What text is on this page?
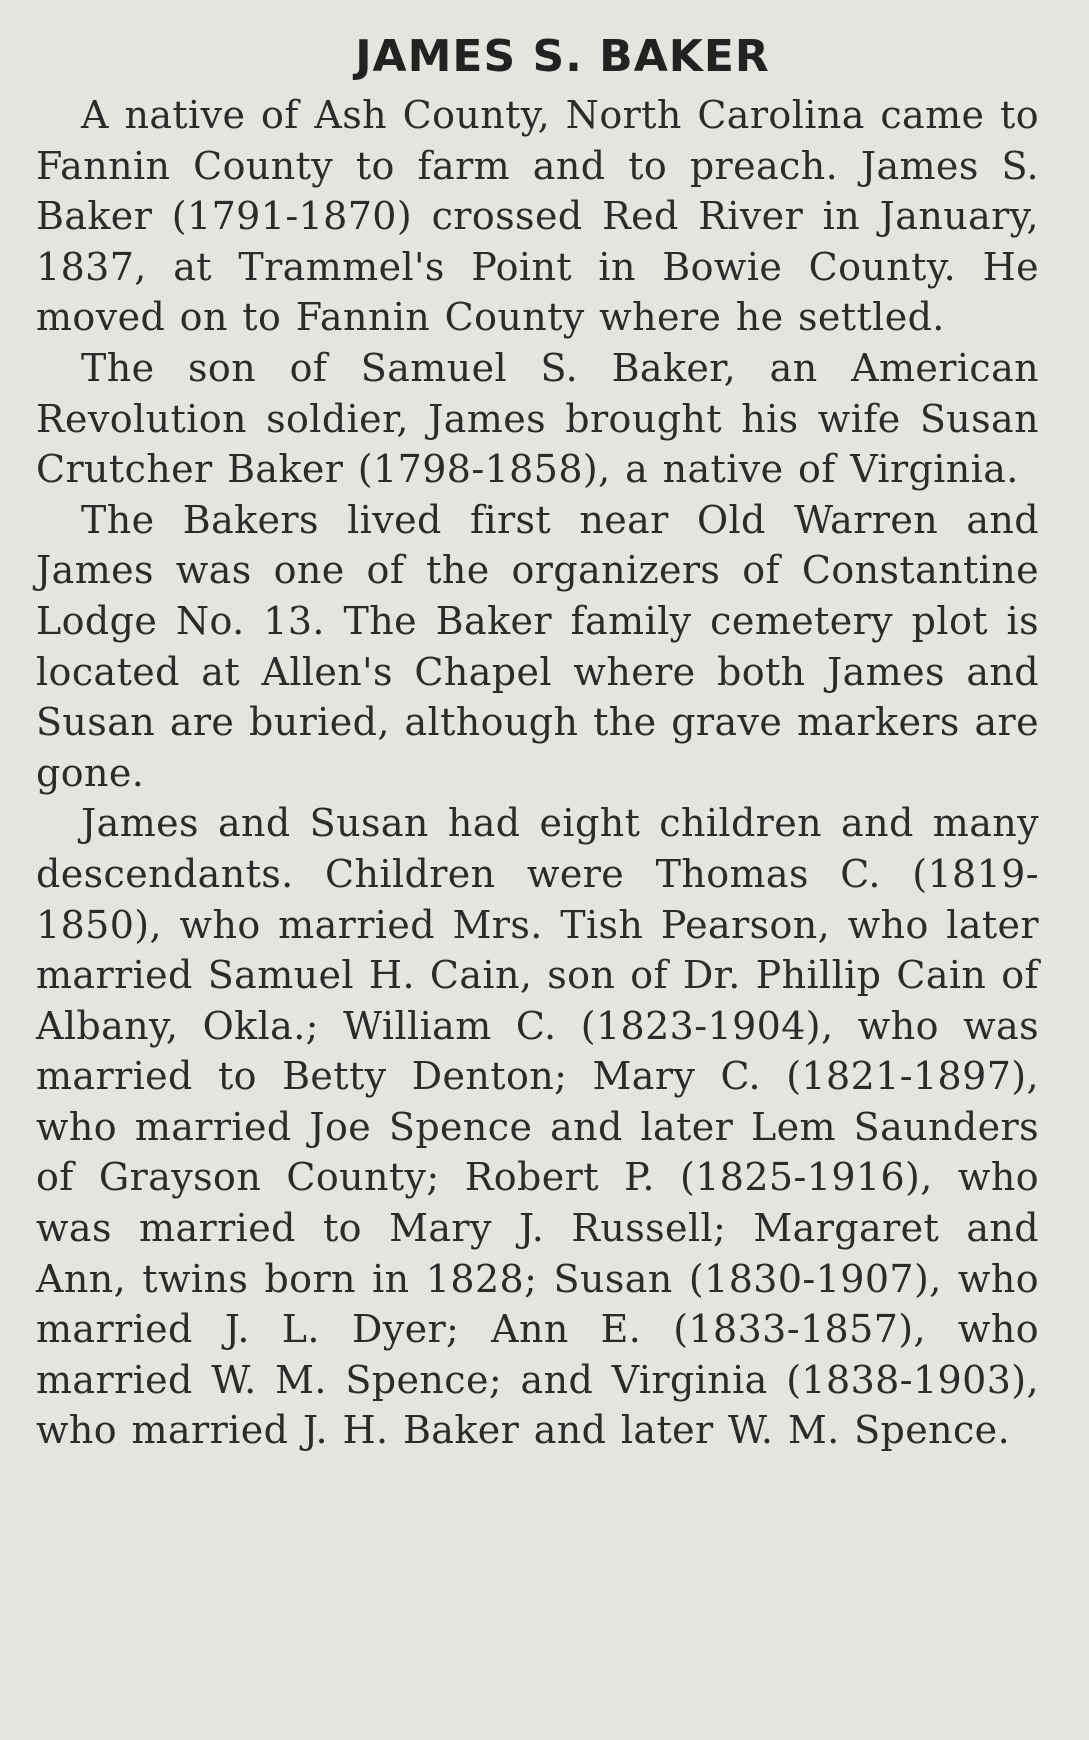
JAMES S. BAKER

A native of Ash County, North Carolina came to Fannin County to farm and to preach. James S. Baker (1791-1870) crossed Red River in January, 1837, at Trammel's Point in Bowie County. He moved on to Fannin County where he settled.

The son of Samuel S. Baker, an American Revolution soldier, James brought his wife Susan Crutcher Baker (1798-1858), a native of Virginia.

The Bakers lived first near Old Warren and James was one of the organizers of Constantine Lodge No. 13. The Baker family cemetery plot is located at Allen's Chapel where both James and Susan are buried, although the grave markers are gone.

James and Susan had eight children and many descendants. Children were Thomas C. (1819-1850), who married Mrs. Tish Pearson, who later married Samuel H. Cain, son of Dr. Phillip Cain of Albany, Okla.; William C. (1823-1904), who was married to Betty Denton; Mary C. (1821-1897), who married Joe Spence and later Lem Saunders of Grayson County; Robert P. (1825-1916), who was married to Mary J. Russell; Margaret and Ann, twins born in 1828; Susan (1830-1907), who married J. L. Dyer; Ann E. (1833-1857), who married W. M. Spence; and Virginia (1838-1903), who married J. H. Baker and later W. M. Spence.
